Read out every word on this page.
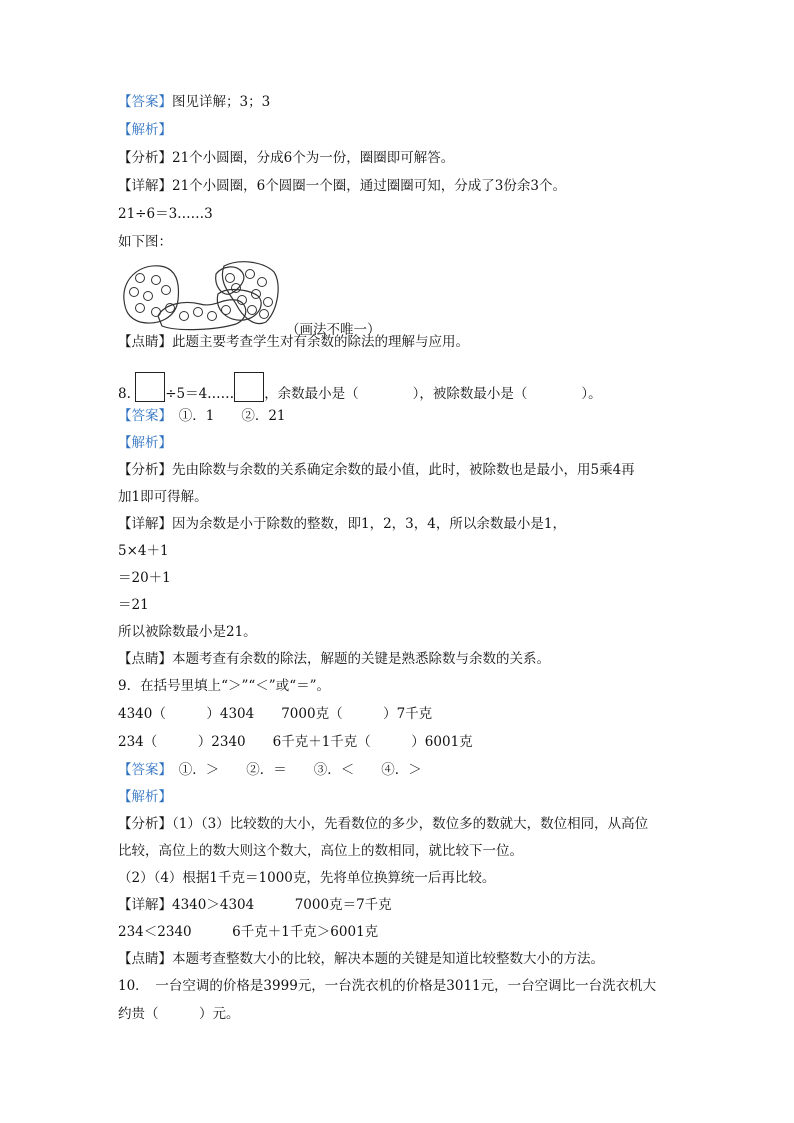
【答案】图见详解；3；3
【解析】
【分析】21个小圆圈，分成6个为一份，圈圈即可解答。
【详解】21个小圆圈，6个圆圈一个圈，通过圈圈可知，分成了3份余3个。
21÷6＝3……3
如下图：
（画法不唯一）
【点睛】此题主要考查学生对有余数的除法的理解与应用。
8.	÷5＝4…… ，余数最小是（　　　　），被除数最小是（　　　　）。
【答案】　①．1　　②．21
【解析】
【分析】先由除数与余数的关系确定余数的最小值，此时，被除数也是最小，用5乘4再
加1即可得解。
【详解】因为余数是小于除数的整数，即1，2，3，4，所以余数最小是1，
5×4＋1
＝20＋1
＝21
所以被除数最小是21。
【点睛】本题考查有余数的除法，解题的关键是熟悉除数与余数的关系。
9．在括号里填上“＞”“＜”或“＝”。
4340（　　　）4304　　7000克（　　　）7千克
234（　　　）2340　　6千克＋1千克（　　　）6001克
【答案】　①．＞　　②．＝　　③．＜　　④．＞
【解析】
【分析】（1）（3）比较数的大小，先看数位的多少，数位多的数就大，数位相同，从高位
比较，高位上的数大则这个数大，高位上的数相同，就比较下一位。
（2）（4）根据1千克＝1000克，先将单位换算统一后再比较。
【详解】4340＞4304　　　7000克＝7千克
234＜2340　　　6千克＋1千克＞6001克
【点睛】本题考查整数大小的比较，解决本题的关键是知道比较整数大小的方法。
10．　一台空调的价格是3999元，一台洗衣机的价格是3011元，一台空调比一台洗衣机大
约贵（　　　）元。
